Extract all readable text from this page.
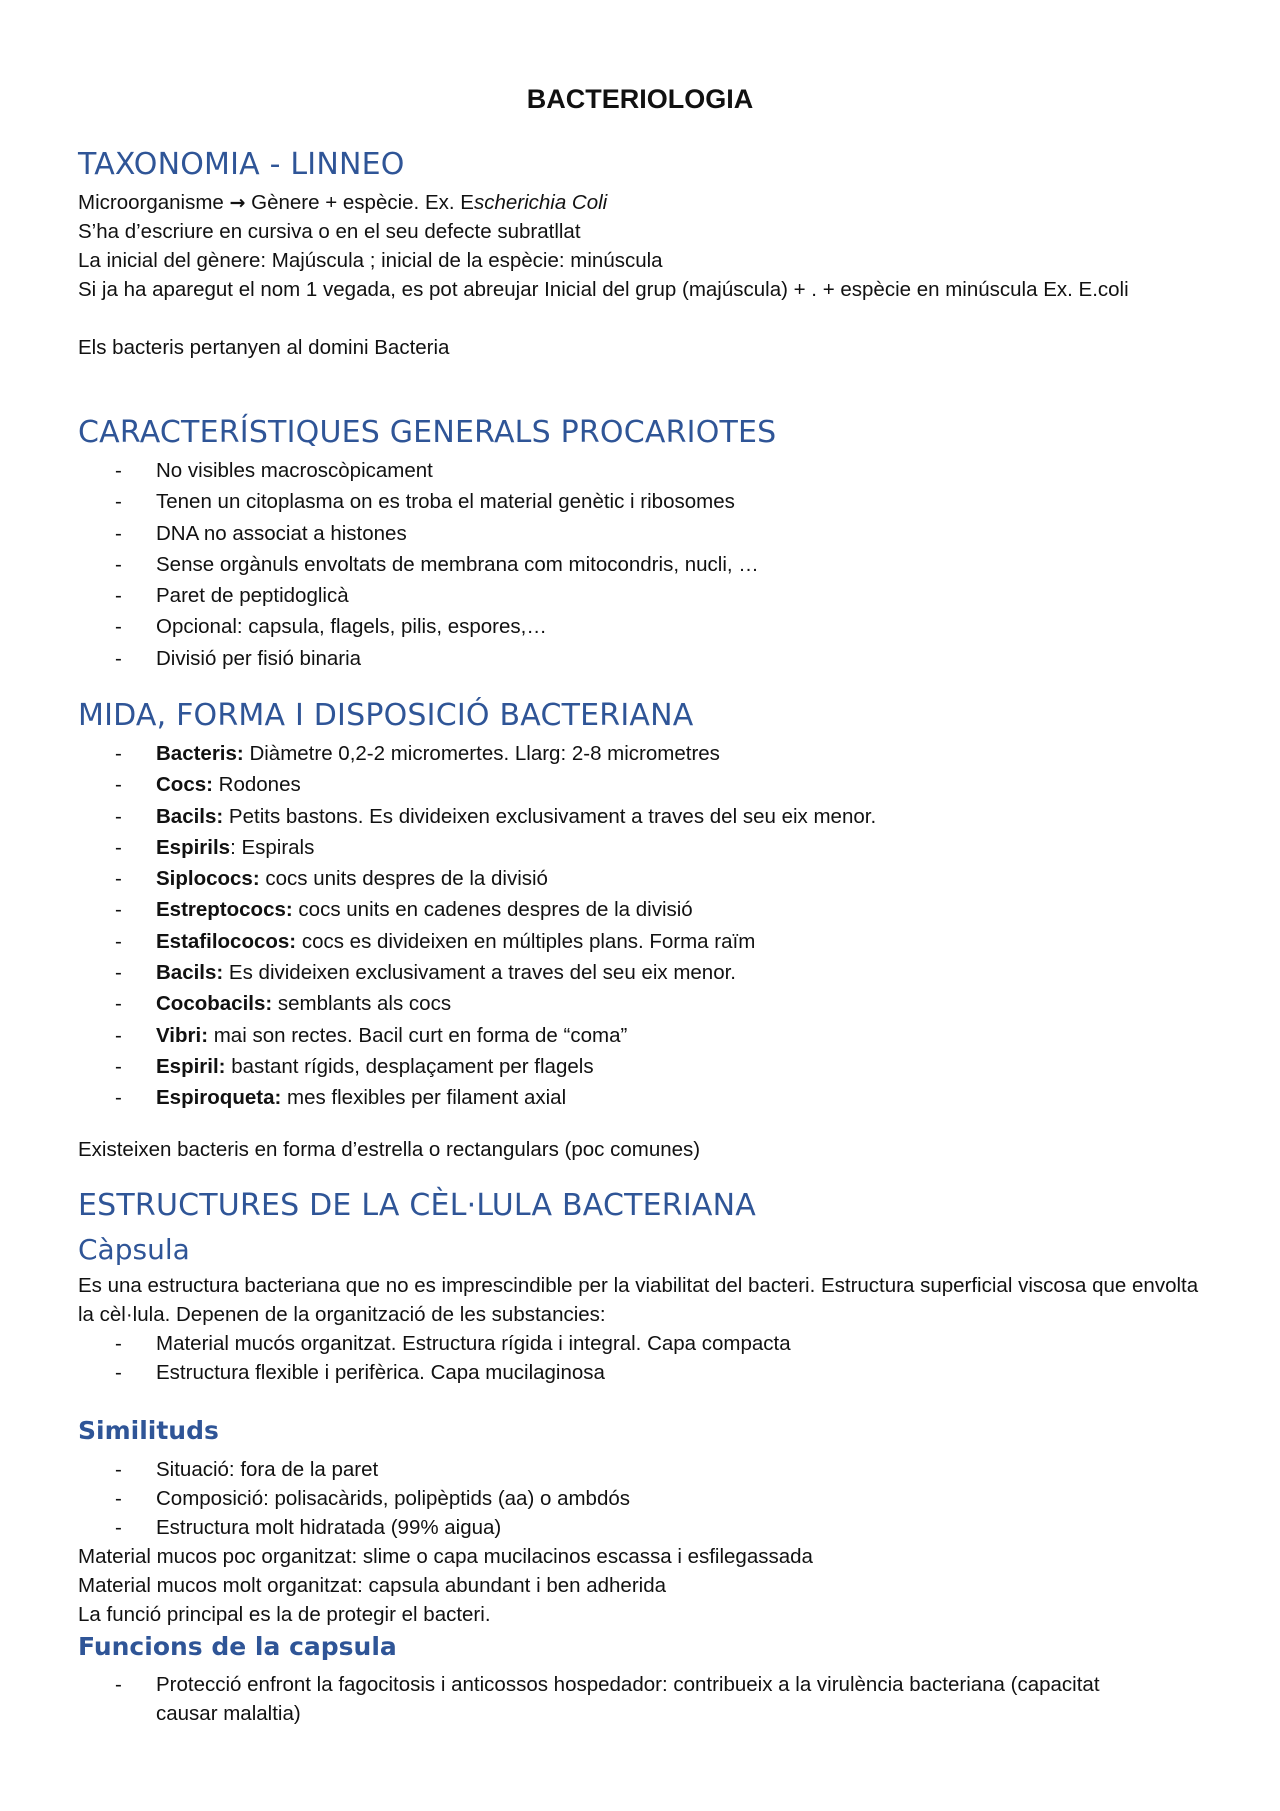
BACTERIOLOGIA
TAXONOMIA - LINNEO

Microorganisme → Gènere + espècie. Ex. Escherichia Coli

S’ha d’escriure en cursiva o en el seu defecte subratllat

La inicial del gènere: Majúscula ; inicial de la espècie: minúscula

Si ja ha aparegut el nom 1 vegada, es pot abreujar Inicial del grup (majúscula) + . + espècie en minúscula Ex. E.coli

Els bacteris pertanyen al domini Bacteria

CARACTERÍSTIQUES GENERALS PROCARIOTES
- No visibles macroscòpicament
- Tenen un citoplasma on es troba el material genètic i ribosomes
- DNA no associat a histones
- Sense orgànuls envoltats de membrana com mitocondris, nucli, …
- Paret de peptidoglicà
- Opcional: capsula, flagels, pilis, espores,…
- Divisió per fisió binaria
MIDA, FORMA I DISPOSICIÓ BACTERIANA
- Bacteris: Diàmetre 0,2-2 micromertes. Llarg: 2-8 micrometres
- Cocs: Rodones
- Bacils: Petits bastons. Es divideixen exclusivament a traves del seu eix menor.
- Espirils: Espirals
- Siplococs: cocs units despres de la divisió
- Estreptococs: cocs units en cadenes despres de la divisió
- Estafilococos: cocs es divideixen en múltiples plans. Forma raïm
- Bacils: Es divideixen exclusivament a traves del seu eix menor.
- Cocobacils: semblants als cocs
- Vibri: mai son rectes. Bacil curt en forma de “coma”
- Espiril: bastant rígids, desplaçament per flagels
- Espiroqueta: mes flexibles per filament axial

Existeixen bacteris en forma d’estrella o rectangulars (poc comunes)

ESTRUCTURES DE LA CÈL·LULA BACTERIANA
Càpsula

Es una estructura bacteriana que no es imprescindible per la viabilitat del bacteri. Estructura superficial viscosa que envolta la cèl·lula. Depenen de la organització de les substancies:

- Material mucós organitzat. Estructura rígida i integral. Capa compacta
- Estructura flexible i perifèrica. Capa mucilaginosa
Similituds
- Situació: fora de la paret
- Composició: polisacàrids, polipèptids (aa) o ambdós
- Estructura molt hidratada (99% aigua)

Material mucos poc organitzat: slime o capa mucilacinos escassa i esfilegassada

Material mucos molt organitzat: capsula abundant i ben adherida

La funció principal es la de protegir el bacteri.

Funcions de la capsula
- Protecció enfront la fagocitosis i anticossos hospedador: contribueix a la virulència bacteriana (capacitat causar malaltia)
